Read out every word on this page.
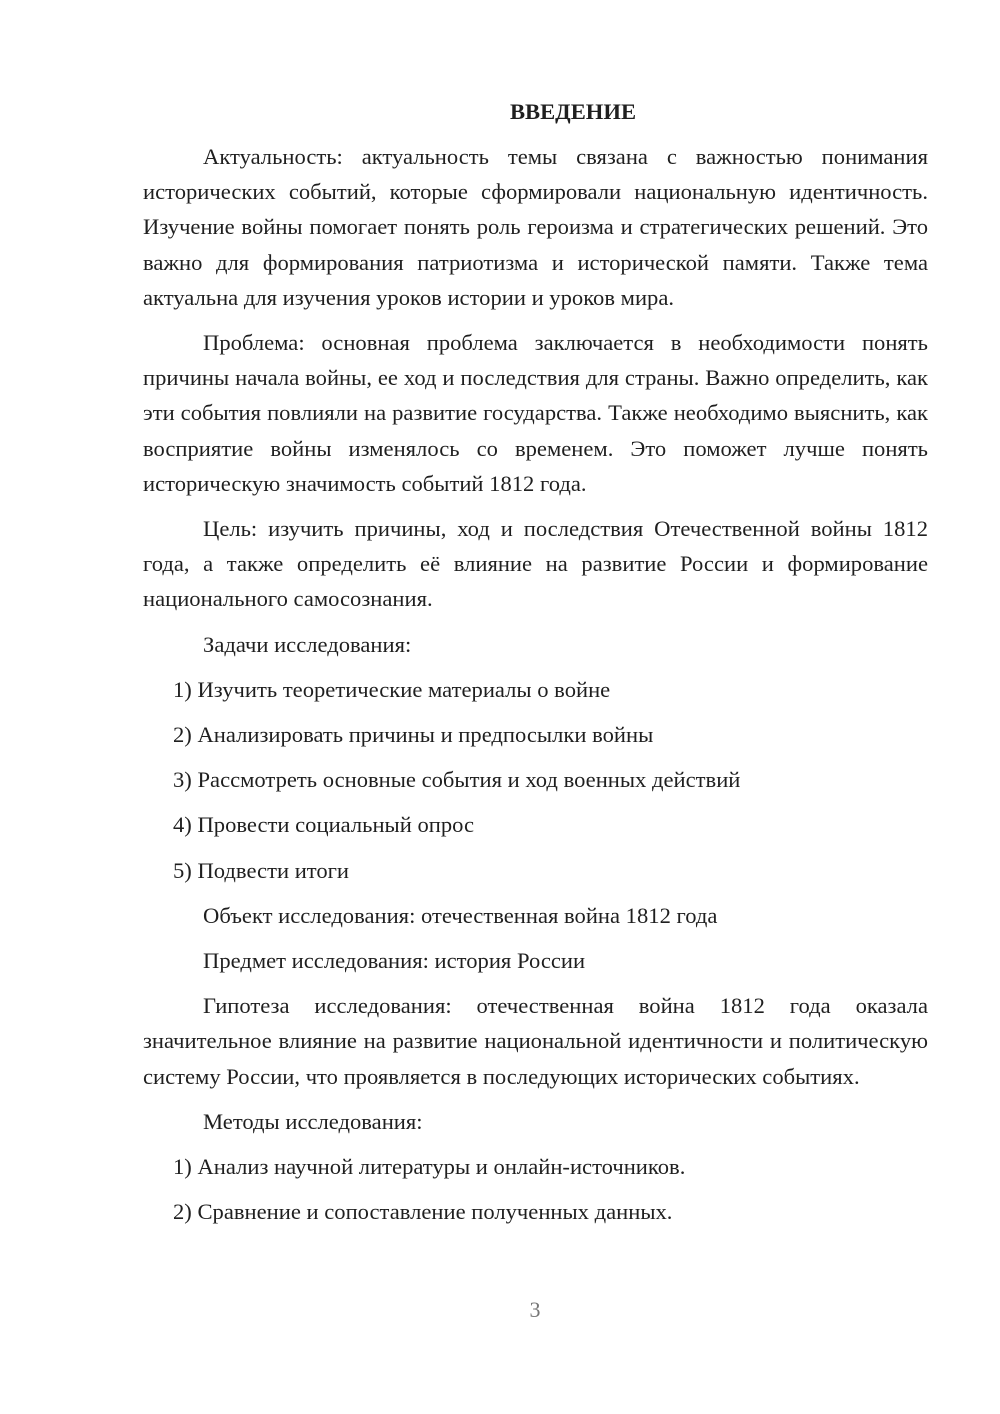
ВВЕДЕНИЕ

Актуальность: актуальность темы связана с важностью понимания исторических событий, которые сформировали национальную идентичность. Изучение войны помогает понять роль героизма и стратегических решений. Это важно для формирования патриотизма и исторической памяти. Также тема актуальна для изучения уроков истории и уроков мира.

Проблема: основная проблема заключается в необходимости понять причины начала войны, ее ход и последствия для страны. Важно определить, как эти события повлияли на развитие государства. Также необходимо выяснить, как восприятие войны изменялось со временем. Это поможет лучше понять историческую значимость событий 1812 года.

Цель: изучить причины, ход и последствия Отечественной войны 1812 года, а также определить её влияние на развитие России и формирование национального самосознания.

Задачи исследования:

1) Изучить теоретические материалы о войне

2) Анализировать причины и предпосылки войны

3) Рассмотреть основные события и ход военных действий

4) Провести социальный опрос

5) Подвести итоги

Объект исследования: отечественная война 1812 года

Предмет исследования: история России

Гипотеза исследования: отечественная война 1812 года оказала значительное влияние на развитие национальной идентичности и политическую систему России, что проявляется в последующих исторических событиях.

Методы исследования:

1) Анализ научной литературы и онлайн-источников.

2) Сравнение и сопоставление полученных данных.

3
